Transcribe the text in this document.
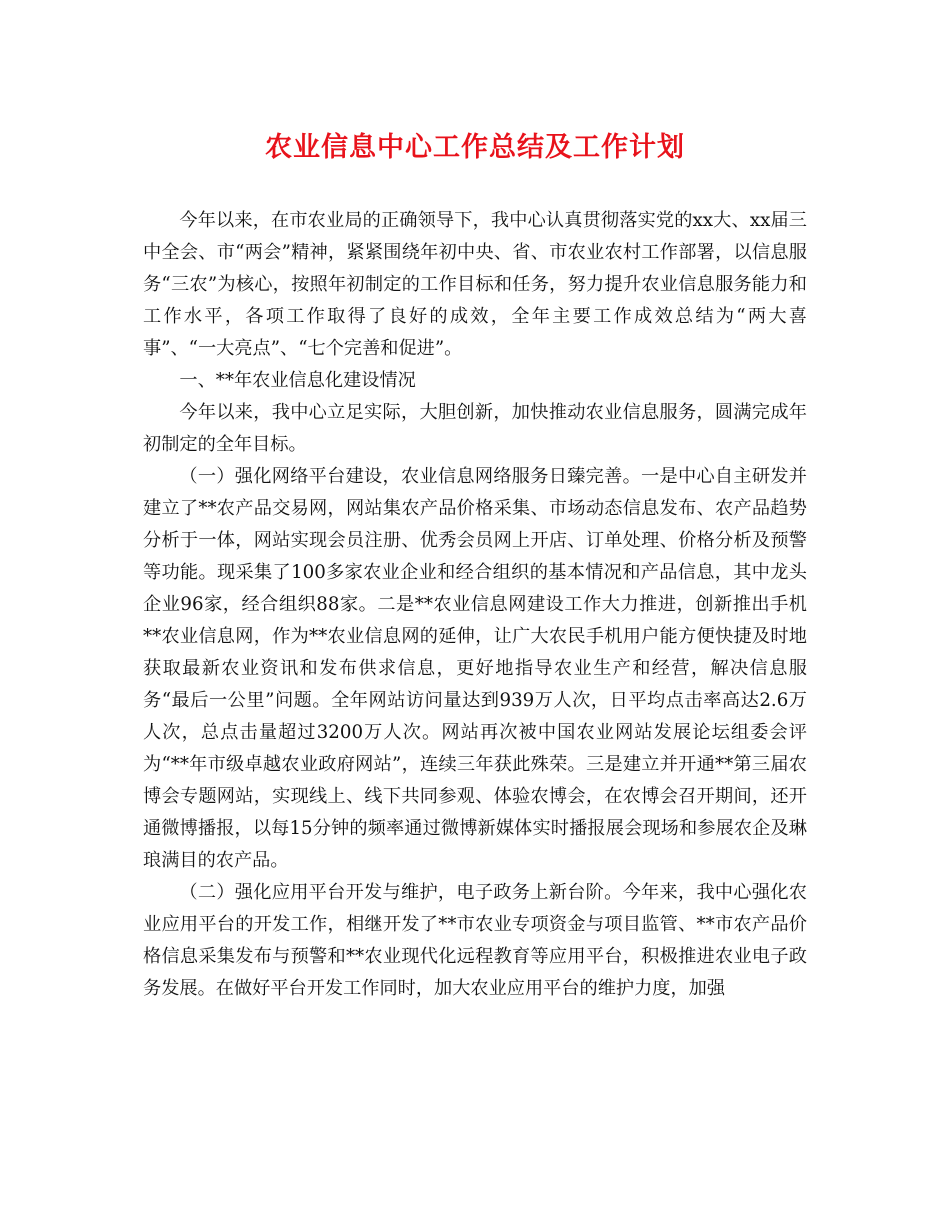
农业信息中心工作总结及工作计划

今年以来，在市农业局的正确领导下，我中心认真贯彻落实党的xx大、xx届三中全会、市“两会”精神，紧紧围绕年初中央、省、市农业农村工作部署，以信息服务“三农”为核心，按照年初制定的工作目标和任务，努力提升农业信息服务能力和工作水平，各项工作取得了良好的成效，全年主要工作成效总结为“两大喜事”、“一大亮点”、“七个完善和促进”。

一、**年农业信息化建设情况

今年以来，我中心立足实际，大胆创新，加快推动农业信息服务，圆满完成年初制定的全年目标。

（一）强化网络平台建设，农业信息网络服务日臻完善。一是中心自主研发并建立了**农产品交易网，网站集农产品价格采集、市场动态信息发布、农产品趋势分析于一体，网站实现会员注册、优秀会员网上开店、订单处理、价格分析及预警等功能。现采集了100多家农业企业和经合组织的基本情况和产品信息，其中龙头企业96家，经合组织88家。二是**农业信息网建设工作大力推进，创新推出手机**农业信息网，作为**农业信息网的延伸，让广大农民手机用户能方便快捷及时地获取最新农业资讯和发布供求信息，更好地指导农业生产和经营，解决信息服务“最后一公里”问题。全年网站访问量达到939万人次，日平均点击率高达2.6万人次，总点击量超过3200万人次。网站再次被中国农业网站发展论坛组委会评为“**年市级卓越农业政府网站”，连续三年获此殊荣。三是建立并开通**第三届农博会专题网站，实现线上、线下共同参观、体验农博会，在农博会召开期间，还开通微博播报，以每15分钟的频率通过微博新媒体实时播报展会现场和参展农企及琳琅满目的农产品。

（二）强化应用平台开发与维护，电子政务上新台阶。今年来，我中心强化农业应用平台的开发工作，相继开发了**市农业专项资金与项目监管、**市农产品价格信息采集发布与预警和**农业现代化远程教育等应用平台，积极推进农业电子政务发展。在做好平台开发工作同时，加大农业应用平台的维护力度，加强
